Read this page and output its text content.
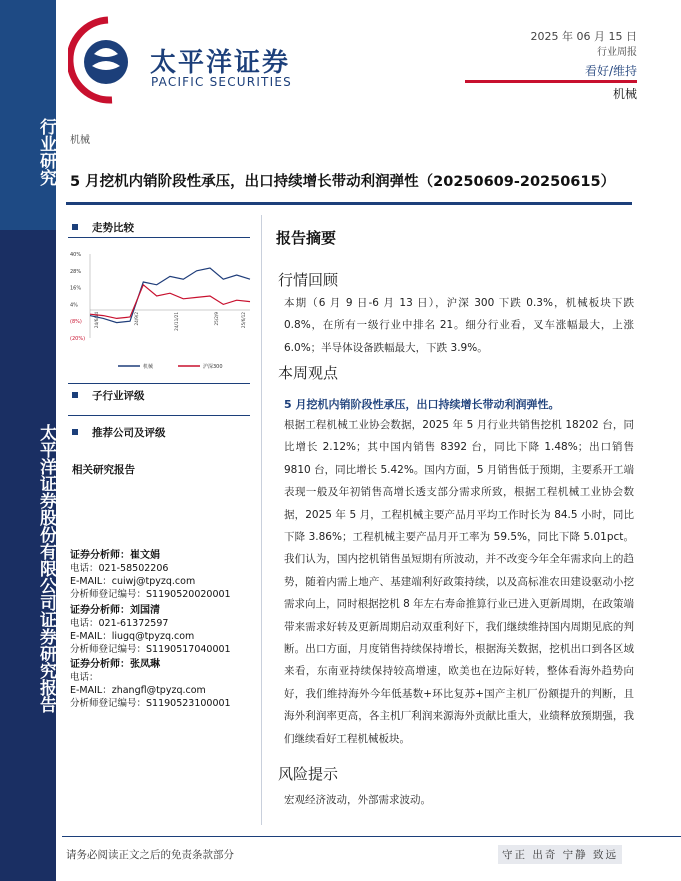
行业研究
太平洋证券股份有限公司证券研究报告
太平洋证券
PACIFIC SECURITIES
2025 年 06 月 15 日
行业周报
看好/维持
机械
机械
5 月挖机内销阶段性承压，出口持续增长带动利润弹性（20250609-20250615）
走势比较
40%
28%
16%
4%
(8%)
(20%)
24/6/14	24/9/2	24/11/21	25/2/9	25/6/12
机械	沪深300
子行业评级
推荐公司及评级
相关研究报告
证券分析师：崔文娟
电话：021-58502206
E-MAIL：cuiwj@tpyzq.com
分析师登记编号：S1190520020001
证券分析师：刘国清
电话：021-61372597
E-MAIL：liugq@tpyzq.com
分析师登记编号：S1190517040001
证券分析师：张凤琳
电话：
E-MAIL：zhangfl@tpyzq.com
分析师登记编号：S1190523100001
报告摘要
行情回顾
本期（6 月 9 日-6 月 13 日），沪深 300 下跌 0.3%，机械板块下跌 0.8%，在所有一级行业中排名 21。细分行业看，叉车涨幅最大，上涨 6.0%；半导体设备跌幅最大，下跌 3.9%。
本周观点
5 月挖机内销阶段性承压，出口持续增长带动利润弹性。
根据工程机械工业协会数据，2025 年 5 月行业共销售挖机 18202 台，同比增长 2.12%；其中国内销售 8392 台，同比下降 1.48%；出口销售 9810 台，同比增长 5.42%。国内方面，5 月销售低于预期，主要系开工端表现一般及年初销售高增长透支部分需求所致，根据工程机械工业协会数据，2025 年 5 月，工程机械主要产品月平均工作时长为 84.5 小时，同比下降 3.86%；工程机械主要产品月开工率为 59.5%，同比下降 5.01pct。我们认为，国内挖机销售虽短期有所波动，并不改变今年全年需求向上的趋势，随着内需上地产、基建端利好政策持续，以及高标准农田建设驱动小挖需求向上，同时根据挖机 8 年左右寿命推算行业已进入更新周期，在政策端带来需求好转及更新周期启动双重利好下，我们继续维持国内周期见底的判断。出口方面，月度销售持续保持增长，根据海关数据，挖机出口到各区域来看，东南亚持续保持较高增速，欧美也在边际好转，整体看海外趋势向好，我们维持海外今年低基数+环比复苏+国产主机厂份额提升的判断，且海外利润率更高，各主机厂利润来源海外贡献比重大，业绩释放预期强，我们继续看好工程机械板块。
风险提示
宏观经济波动，外部需求波动。
请务必阅读正文之后的免责条款部分	守正 出奇 宁静 致远
